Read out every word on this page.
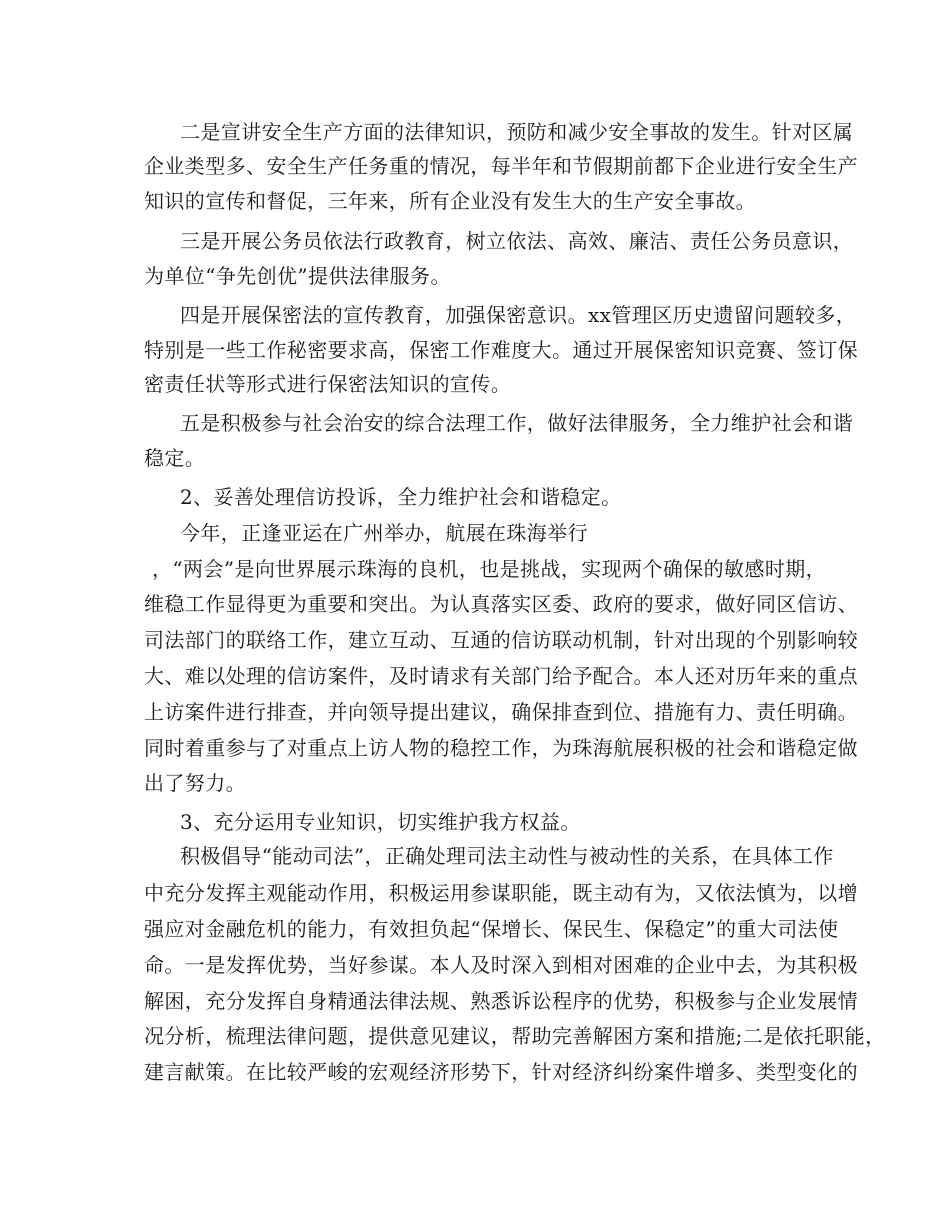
二是宣讲安全生产方面的法律知识，预防和减少安全事故的发生。针对区属
企业类型多、安全生产任务重的情况，每半年和节假期前都下企业进行安全生产
知识的宣传和督促，三年来，所有企业没有发生大的生产安全事故。
三是开展公务员依法行政教育，树立依法、高效、廉洁、责任公务员意识，
为单位“争先创优”提供法律服务。
四是开展保密法的宣传教育，加强保密意识。xx管理区历史遗留问题较多，
特别是一些工作秘密要求高，保密工作难度大。通过开展保密知识竞赛、签订保
密责任状等形式进行保密法知识的宣传。
五是积极参与社会治安的综合法理工作，做好法律服务，全力维护社会和谐
稳定。
2、妥善处理信访投诉，全力维护社会和谐稳定。
今年，正逢亚运在广州举办，航展在珠海举行
，“两会”是向世界展示珠海的良机，也是挑战，实现两个确保的敏感时期，
维稳工作显得更为重要和突出。为认真落实区委、政府的要求，做好同区信访、
司法部门的联络工作，建立互动、互通的信访联动机制，针对出现的个别影响较
大、难以处理的信访案件，及时请求有关部门给予配合。本人还对历年来的重点
上访案件进行排查，并向领导提出建议，确保排查到位、措施有力、责任明确。
同时着重参与了对重点上访人物的稳控工作，为珠海航展积极的社会和谐稳定做
出了努力。
3、充分运用专业知识，切实维护我方权益。
积极倡导“能动司法”，正确处理司法主动性与被动性的关系，在具体工作
中充分发挥主观能动作用，积极运用参谋职能，既主动有为，又依法慎为，以增
强应对金融危机的能力，有效担负起“保增长、保民生、保稳定”的重大司法使
命。一是发挥优势，当好参谋。本人及时深入到相对困难的企业中去，为其积极
解困，充分发挥自身精通法律法规、熟悉诉讼程序的优势，积极参与企业发展情
况分析，梳理法律问题，提供意见建议，帮助完善解困方案和措施;二是依托职能，
建言献策。在比较严峻的宏观经济形势下，针对经济纠纷案件增多、类型变化的
